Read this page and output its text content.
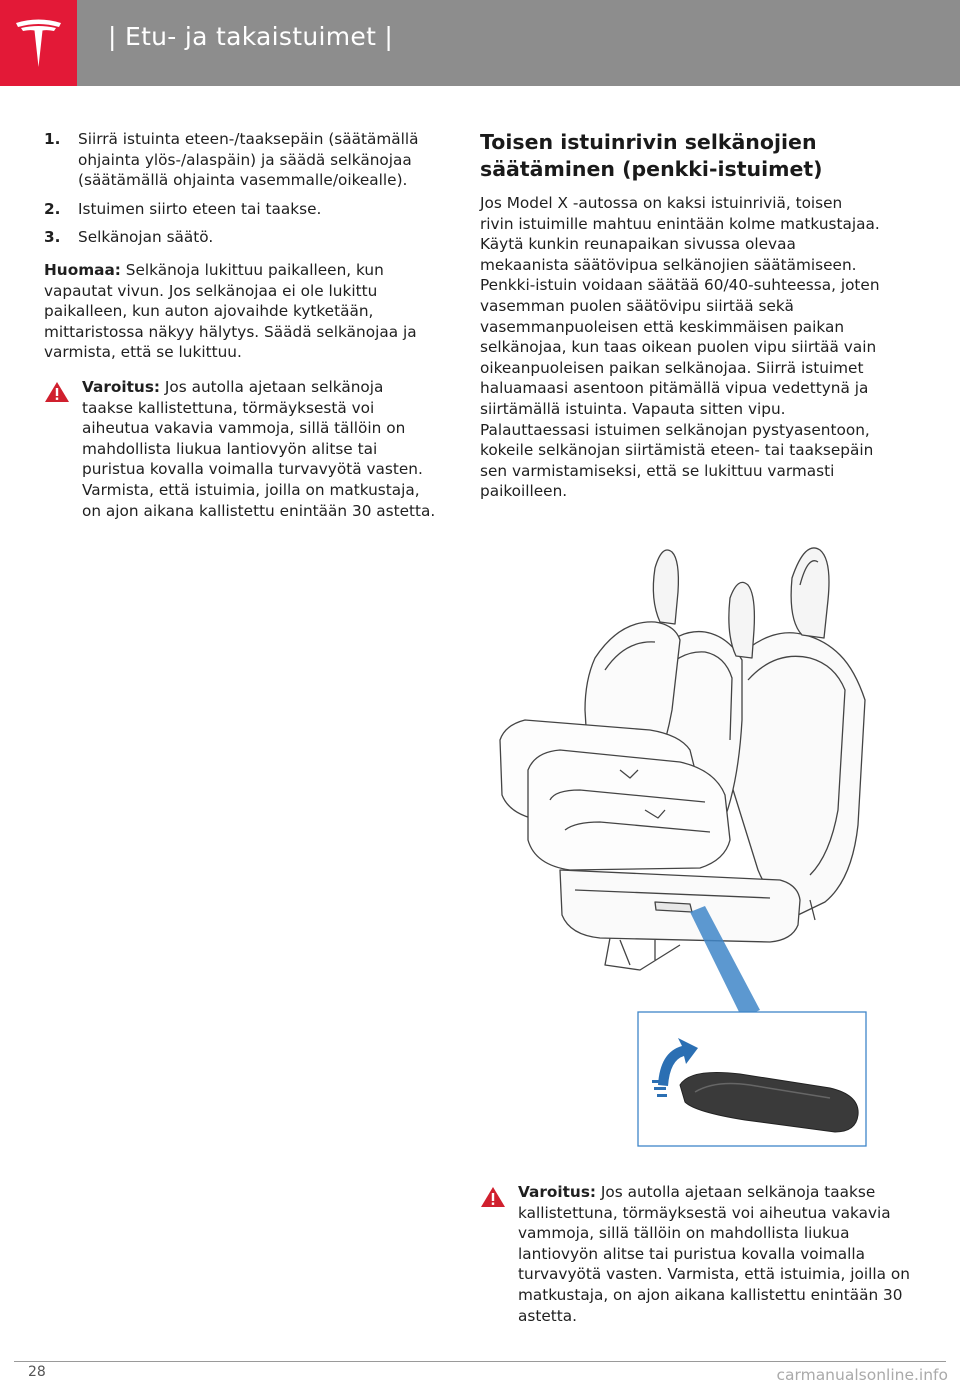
| Etu- ja takaistuimet |
1. Siirrä istuinta eteen-/taaksepäin (säätämällä ohjainta ylös-/alaspäin) ja säädä selkänojaa (säätämällä ohjainta vasemmalle/oikealle).

2. Istuimen siirto eteen tai taakse.

3. Selkänojan säätö.

Huomaa: Selkänoja lukittuu paikalleen, kun vapautat vivun. Jos selkänojaa ei ole lukittu paikalleen, kun auton ajovaihde kytketään, mittaristossa näkyy hälytys. Säädä selkänojaa ja varmista, että se lukittuu.

Varoitus: Jos autolla ajetaan selkänoja taakse kallistettuna, törmäyksestä voi aiheutua vakavia vammoja, sillä tällöin on mahdollista liukua lantiovyön alitse tai puristua kovalla voimalla turvavyötä vasten. Varmista, että istuimia, joilla on matkustaja, on ajon aikana kallistettu enintään 30 astetta.

Toisen istuinrivin selkänojien säätäminen (penkki-istuimet)

Jos Model X -autossa on kaksi istuinriviä, toisen rivin istuimille mahtuu enintään kolme matkustajaa. Käytä kunkin reunapaikan sivussa olevaa mekaanista säätövipua selkänojien säätämiseen. Penkki-istuin voidaan säätää 60/40-suhteessa, joten vasemman puolen säätövipu siirtää sekä vasemmanpuoleisen että keskimmäisen paikan selkänojaa, kun taas oikean puolen vipu siirtää vain oikeanpuoleisen paikan selkänojaa. Siirrä istuimet haluamaasi asentoon pitämällä vipua vedettynä ja siirtämällä istuinta. Vapauta sitten vipu. Palauttaessasi istuimen selkänojan pystyasentoon, kokeile selkänojan siirtämistä eteen- tai taaksepäin sen varmistamiseksi, että se lukittuu varmasti paikoilleen.

Varoitus: Jos autolla ajetaan selkänoja taakse kallistettuna, törmäyksestä voi aiheutua vakavia vammoja, sillä tällöin on mahdollista liukua lantiovyön alitse tai puristua kovalla voimalla turvavyötä vasten. Varmista, että istuimia, joilla on matkustaja, on ajon aikana kallistettu enintään 30 astetta.

28	carmanualsonline.info
